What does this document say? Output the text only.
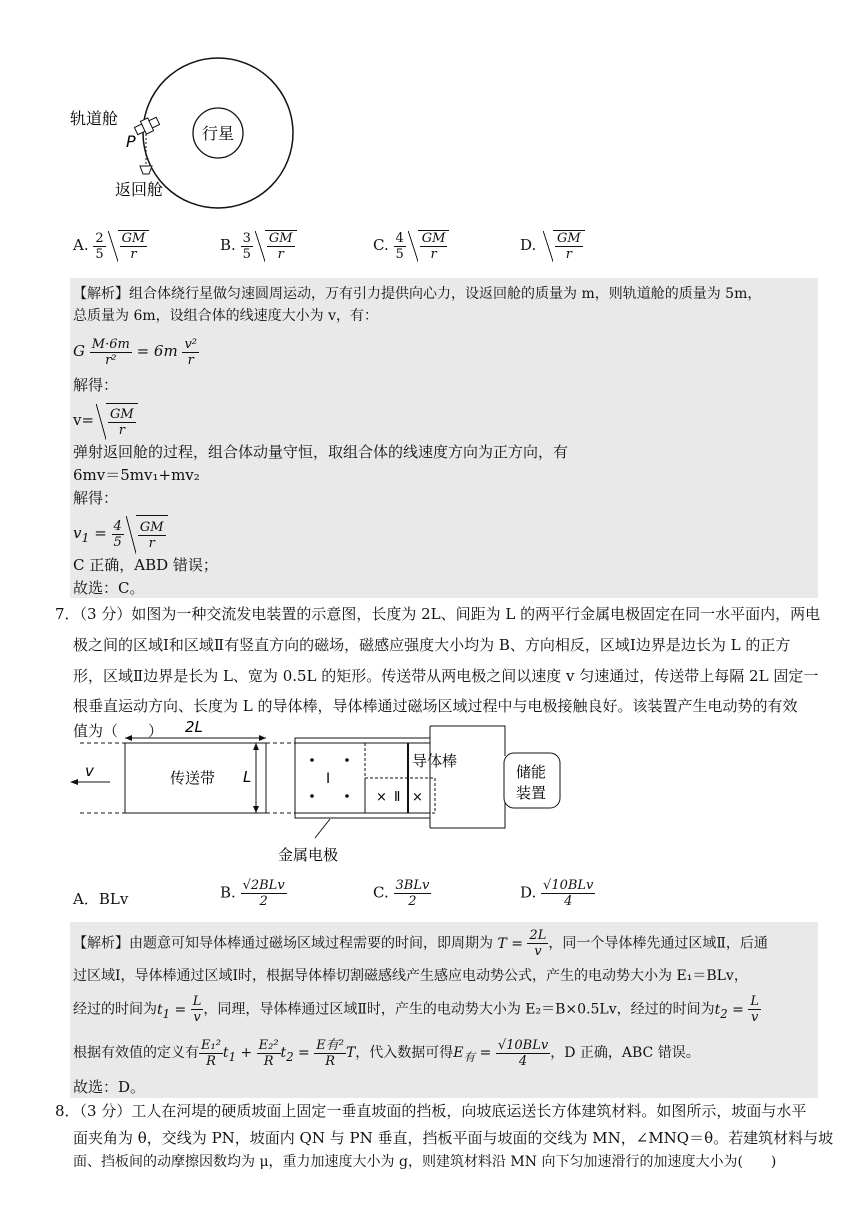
行星
轨道舱
P
返回舱
A. $\frac{2}{5} \frac{GM}{r}$	B. $\frac{3}{5} \frac{GM}{r}$	C. $\frac{4}{5} \frac{GM}{r}$	D. $\frac{GM}{r}$
【解析】组合体绕行星做匀速圆周运动，万有引力提供向心力，设返回舱的质量为 m，则轨道舱的质量为 5m，
总质量为 6m，设组合体的线速度大小为 v，有：
G $\frac{M\cdot 6m}{\text{r²}} = 6m \frac{\text{v²}}{r}$
解得：
$v= \frac{GM}{r}$
弹射返回舱的过程，组合体动量守恒，取组合体的线速度方向为正方向，有
6mv＝5mv₁+mv₂
解得：
$v_1 = \frac{4}{5} \frac{GM}{r}$
C 正确，ABD 错误；
故选：C。
7．（3 分）如图为一种交流发电装置的示意图，长度为 2L、间距为 L 的两平行金属电极固定在同一水平面内，两电
极之间的区域Ⅰ和区域Ⅱ有竖直方向的磁场，磁感应强度大小均为 B、方向相反，区域Ⅰ边界是边长为 L 的正方
形，区域Ⅱ边界是长为 L、宽为 0.5L 的矩形。传送带从两电极之间以速度 v 匀速通过，传送带上每隔 2L 固定一
根垂直运动方向、长度为 L 的导体棒，导体棒通过磁场区域过程中与电极接触良好。该装置产生电动势的有效
值为（　　）
传送带
2L
L
v	I
× Ⅱ ×
导体棒
储能
装置
金属电极
A．BLv	B. $\frac{\text{√2BLv}}{2}$	C. $\frac{\text{3BLv}}{2}$	D. $\frac{\text{√10BLv}}{4}$
【解析】由题意可知导体棒通过磁场区域过程需要的时间，即周期为 $T = \frac{2L}{v}$ ，同一个导体棒先通过区域Ⅱ，后通
过区域Ⅰ，导体棒通过区域Ⅰ时，根据导体棒切割磁感线产生感应电动势公式，产生的电动势大小为 E₁＝BLv，
经过的时间为$t_1 = \frac{L}{v}$ ，同理，导体棒通过区域Ⅱ时，产生的电动势大小为 E₂＝B×0.5Lv，经过的时间为$t_2 = \frac{L}{v}$
根据有效值的定义有 $\frac{\text{E₁²}}{R} t_1 + \frac{\text{E₂²}}{R} t_2 = \frac{\text{E有²}}{R}$ T，代入数据可得$E_有 = \frac{\text{√10BLv}}{4}$ ，D 正确，ABC 错误。
故选：D。
8．（3 分）工人在河堤的硬质坡面上固定一垂直坡面的挡板，向坡底运送长方体建筑材料。如图所示，坡面与水平
面夹角为 θ，交线为 PN，坡面内 QN 与 PN 垂直，挡板平面与坡面的交线为 MN，∠MNQ＝θ。若建筑材料与坡
面、挡板间的动摩擦因数均为 μ，重力加速度大小为 g，则建筑材料沿 MN 向下匀加速滑行的加速度大小为(　　)
